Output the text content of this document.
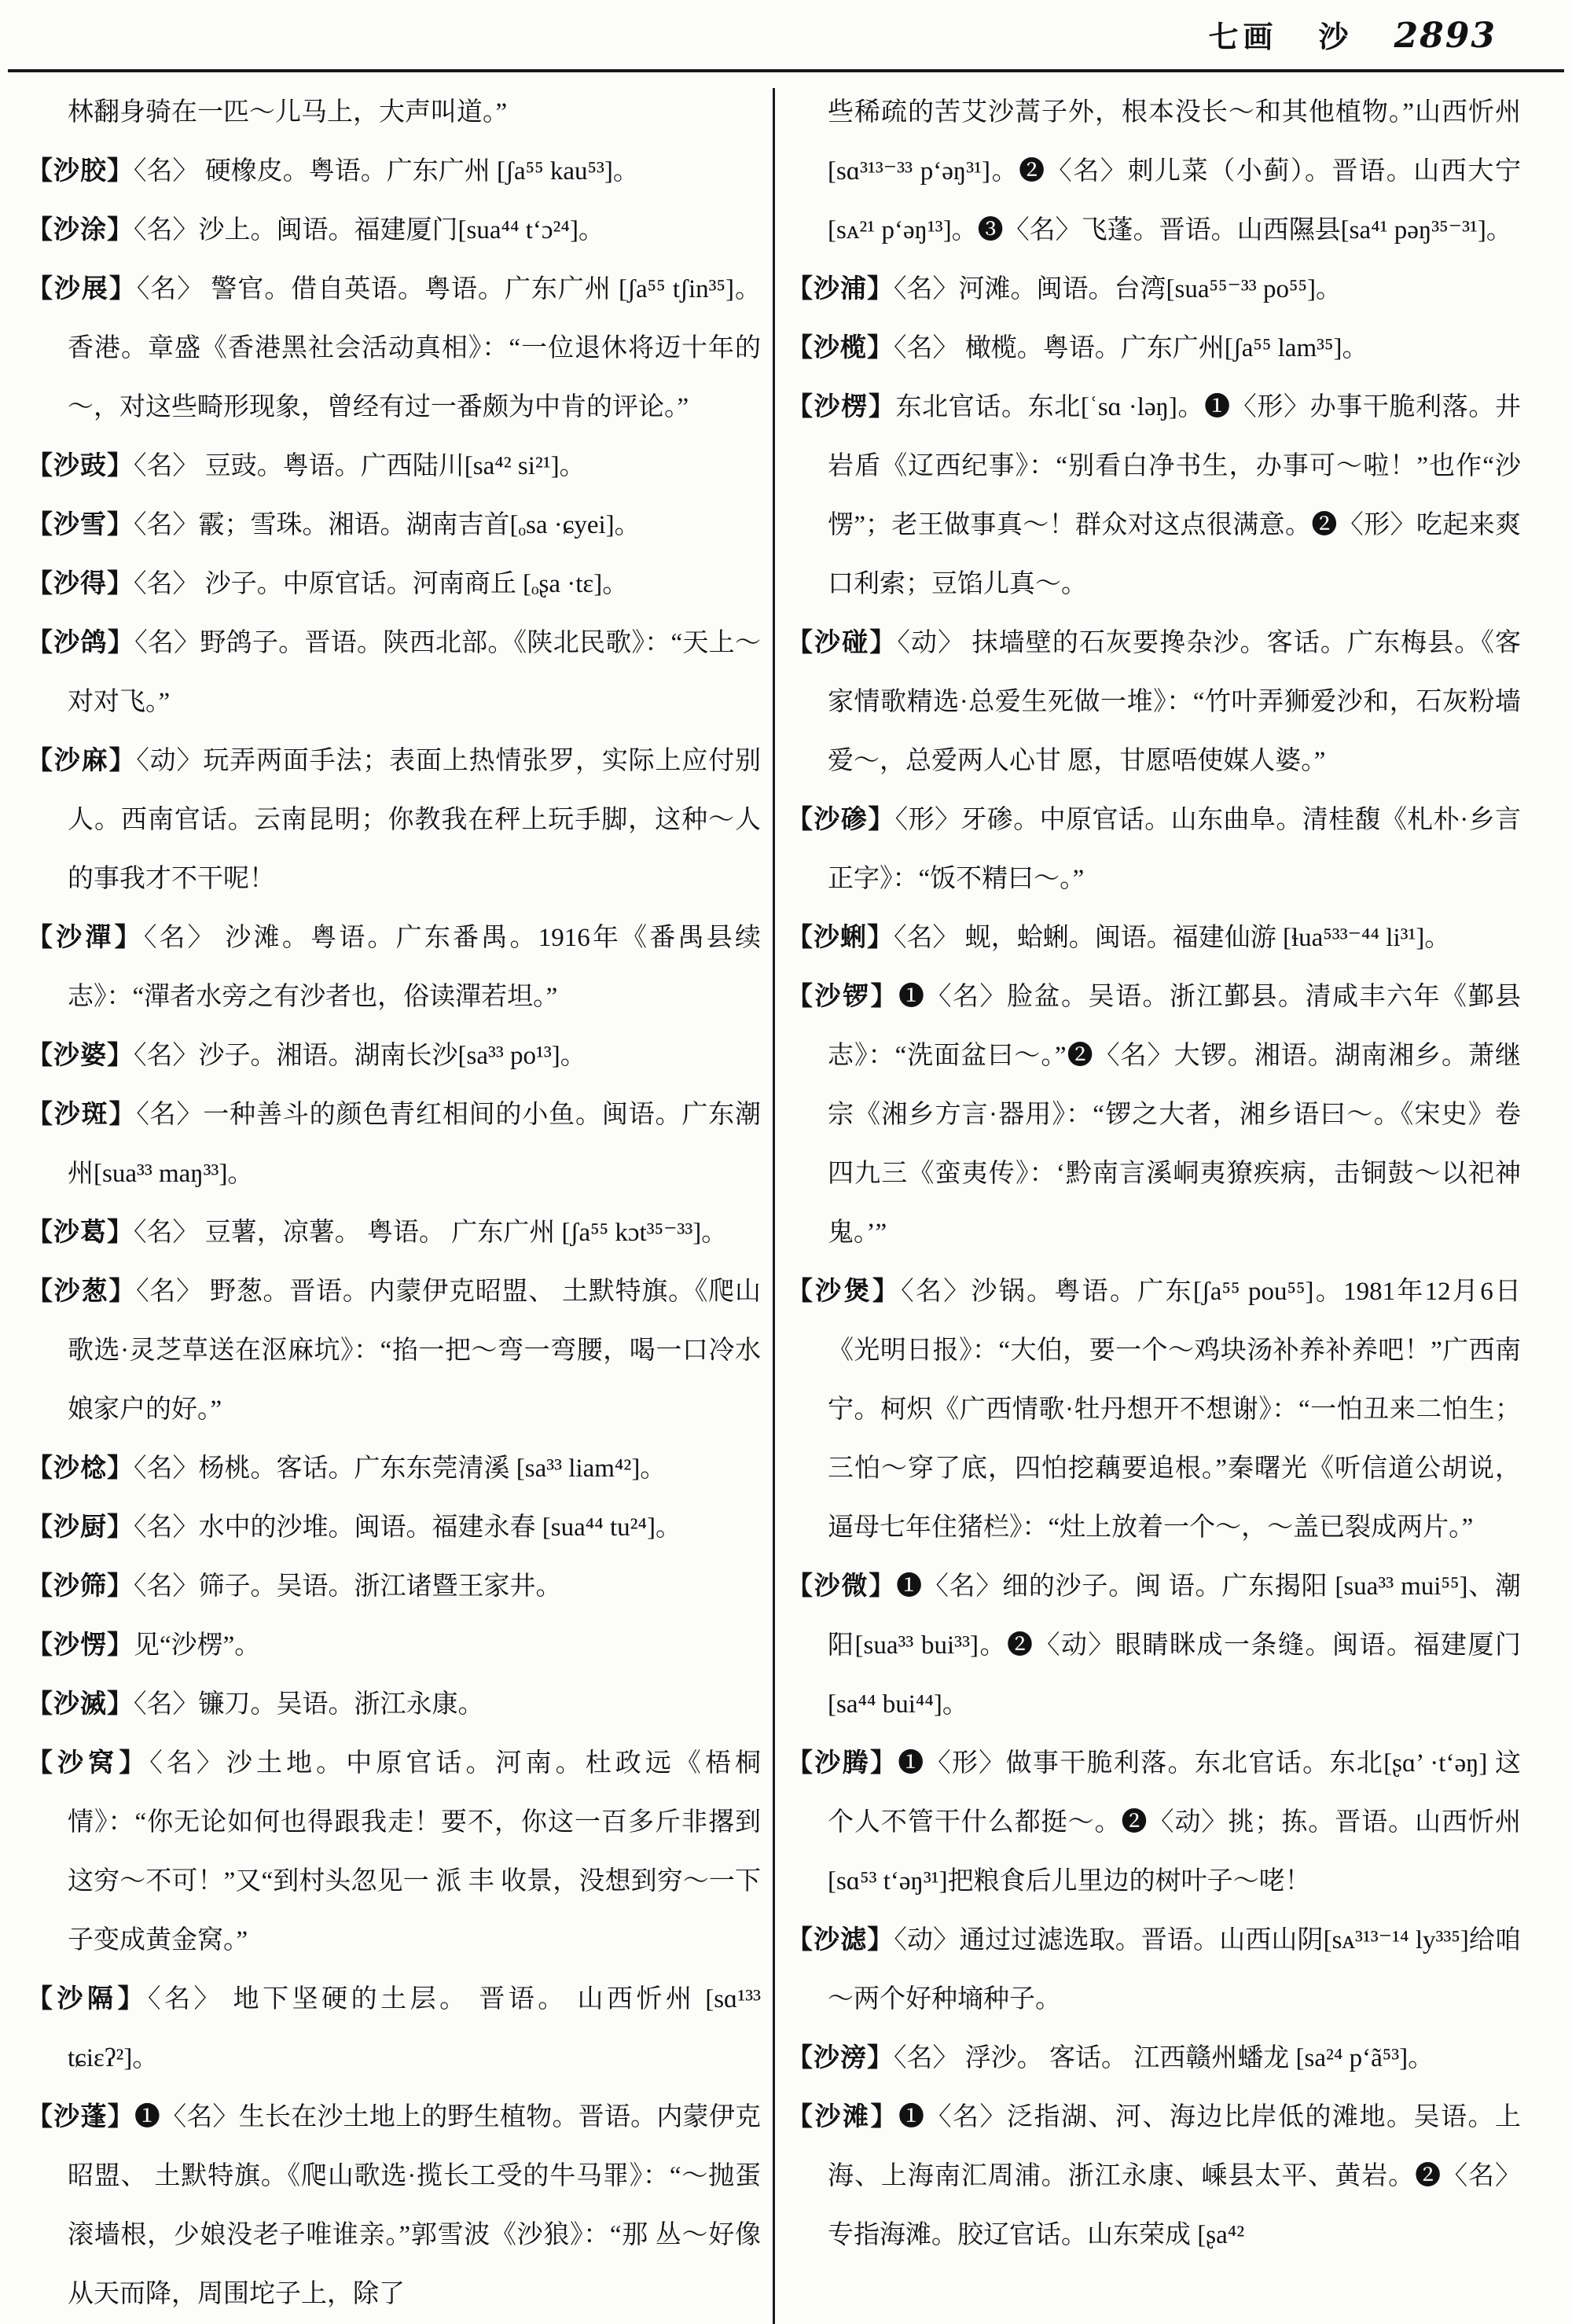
七画 沙 2893

林翻身骑在一匹～儿马上，大声叫道。”

【沙胶】〈名〉 硬橡皮。粤语。广东广州 [ʃa⁵⁵ kau⁵³]。

【沙涂】〈名〉沙上。闽语。福建厦门[sua⁴⁴ t‘ɔ²⁴]。

【沙展】〈名〉 警官。借自英语。粤语。广东广州 [ʃa⁵⁵ tʃin³⁵]。 香港。章盛《香港黑社会活动真相》：“一位退休将迈十年的～，对这些畸形现象，曾经有过一番颇为中肯的评论。”

【沙豉】〈名〉 豆豉。粤语。广西陆川[sa⁴² si²¹]。

【沙雪】〈名〉霰；雪珠。湘语。湖南吉首[ₒsa ·ɕyei]。

【沙得】〈名〉 沙子。中原官话。河南商丘 [ₒʂa ·tɛ]。

【沙鸽】〈名〉野鸽子。晋语。陕西北部。《陕北民歌》：“天上～对对飞。”

【沙麻】〈动〉玩弄两面手法；表面上热情张罗，实际上应付别人。西南官话。云南昆明；你教我在秤上玩手脚，这种～人的事我才不干呢！

【沙潬】〈名〉 沙滩。粤语。广东番禺。1916年《番禺县续志》：“潬者水旁之有沙者也，俗读潬若坦。”

【沙婆】〈名〉沙子。湘语。湖南长沙[sa³³ po¹³]。

【沙斑】〈名〉一种善斗的颜色青红相间的小鱼。闽语。广东潮州[sua³³ maŋ³³]。

【沙葛】〈名〉 豆薯，凉薯。 粤语。 广东广州 [ʃa⁵⁵ kɔt³⁵⁻³³]。

【沙葱】〈名〉 野葱。晋语。内蒙伊克昭盟、 土默特旗。《爬山歌选·灵芝草送在沤麻坑》：“掐一把～弯一弯腰，喝一口冷水娘家户的好。”

【沙棯】〈名〉杨桃。客话。广东东莞清溪 [sa³³ liam⁴²]。

【沙厨】〈名〉水中的沙堆。闽语。福建永春 [sua⁴⁴ tu²⁴]。

【沙筛】〈名〉筛子。吴语。浙江诸暨王家井。

【沙愣】见“沙楞”。

【沙滅】〈名〉镰刀。吴语。浙江永康。

【沙窝】〈名〉沙土地。中原官话。河南。杜政远《梧桐情》：“你无论如何也得跟我走！要不，你这一百多斤非撂到这穷～不可！”又“到村头忽见一 派 丰 收景，没想到穷～一下子变成黄金窝。”

【沙隔】〈名〉 地下坚硬的土层。 晋语。 山西忻州 [sɑ¹³³ tɕiɛʔ²]。

【沙蓬】❶〈名〉生长在沙土地上的野生植物。晋语。内蒙伊克昭盟、 土默特旗。《爬山歌选·揽长工受的牛马罪》：“～抛蛋滚墙根，少娘没老子唯谁亲。”郭雪波《沙狼》：“那 丛～好像 从天而降，周围坨子上，除了

些稀疏的苦艾沙蒿子外，根本没长～和其他植物。”山西忻州[sɑ³¹³⁻³³ p‘əŋ³¹]。❷〈名〉刺儿菜（小蓟）。晋语。山西大宁[sᴀ²¹ p‘əŋ¹³]。❸〈名〉飞蓬。晋语。山西隰县[sa⁴¹ pəŋ³⁵⁻³¹]。

【沙浦】〈名〉河滩。闽语。台湾[sua⁵⁵⁻³³ po⁵⁵]。

【沙榄】〈名〉 橄榄。粤语。广东广州[ʃa⁵⁵ lam³⁵]。

【沙楞】东北官话。东北[ʿsɑ ·ləŋ]。❶〈形〉办事干脆利落。井岩盾《辽西纪事》：“别看白净书生，办事可～啦！”也作“沙愣”；老王做事真～！群众对这点很满意。❷〈形〉吃起来爽口利索；豆馅儿真～。

【沙碰】〈动〉 抹墙壁的石灰要搀杂沙。客话。广东梅县。《客家情歌精选·总爱生死做一堆》：“竹叶弄狮爱沙和，石灰粉墙爱～，总爱两人心甘 愿，甘愿唔使媒人婆。”

【沙碜】〈形〉牙碜。中原官话。山东曲阜。清桂馥《札朴·乡言正字》：“饭不精曰～。”

【沙蜊】〈名〉 蚬，蛤蜊。闽语。福建仙游 [ɬua⁵³³⁻⁴⁴ li³¹]。

【沙锣】❶〈名〉脸盆。吴语。浙江鄞县。清咸丰六年《鄞县志》：“洗面盆曰～。”❷〈名〉大锣。湘语。湖南湘乡。萧继宗《湘乡方言·器用》：“锣之大者，湘乡语曰～。《宋史》卷四九三《蛮夷传》：‘黔南言溪峒夷獠疾病，击铜鼓～以祀神鬼。’”

【沙煲】〈名〉沙锅。粤语。广东[ʃa⁵⁵ pou⁵⁵]。1981年12月6日《光明日报》：“大伯，要一个～鸡块汤补养补养吧！”广西南宁。柯炽《广西情歌·牡丹想开不想谢》：“一怕丑来二怕生；三怕～穿了底，四怕挖藕要追根。”秦曙光《听信道公胡说，逼母七年住猪栏》：“灶上放着一个～，～盖已裂成两片。”

【沙微】❶〈名〉细的沙子。闽 语。广东揭阳 [sua³³ mui⁵⁵]、潮阳[sua³³ bui³³]。❷〈动〉眼睛眯成一条缝。闽语。福建厦门[sa⁴⁴ bui⁴⁴]。

【沙腾】❶〈形〉做事干脆利落。东北官话。东北[ʂɑ’ ·t‘əŋ] 这个人不管干什么都挺～。❷〈动〉挑；拣。晋语。山西忻州[sɑ⁵³ t‘əŋ³¹]把粮食后儿里边的树叶子～咾！

【沙滤】〈动〉通过过滤选取。晋语。山西山阴[sᴀ³¹³⁻¹⁴ ly³³⁵]给咱～两个好种墒种子。

【沙滂】〈名〉 浮沙。 客话。 江西赣州蟠龙 [sa²⁴ p‘ã⁵³]。

【沙滩】❶〈名〉泛指湖、河、海边比岸低的滩地。吴语。上海、上海南汇周浦。浙江永康、嵊县太平、黄岩。❷〈名〉 专指海滩。胶辽官话。山东荣成 [ʂa⁴²
